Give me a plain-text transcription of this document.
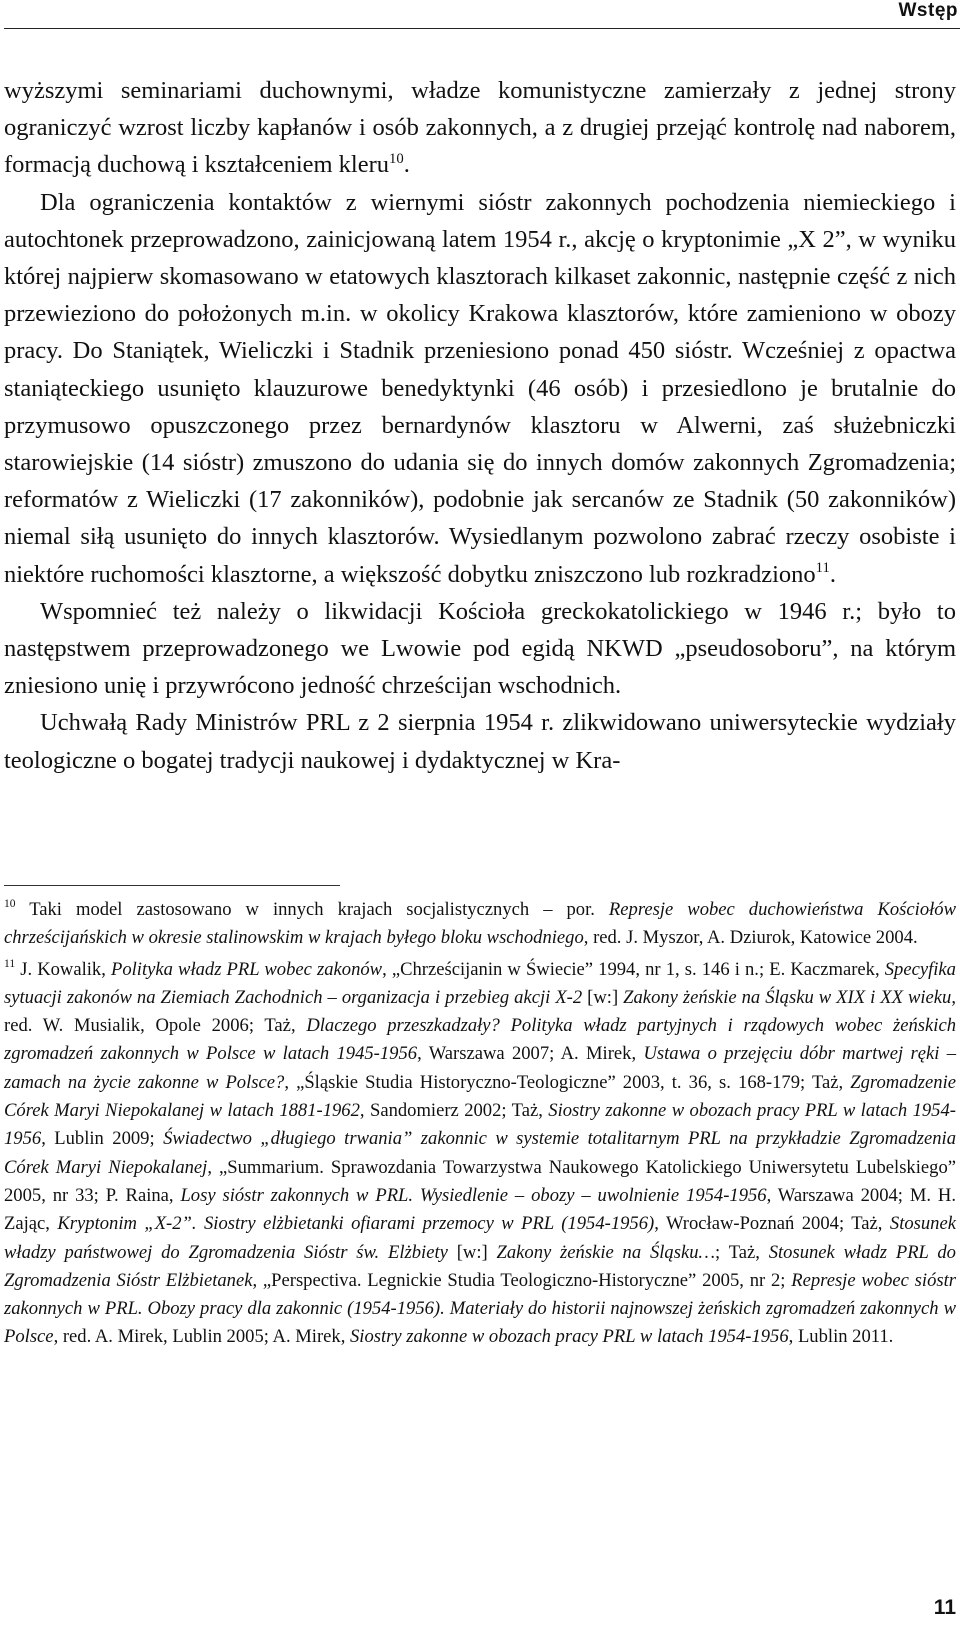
Wstęp

wyższymi seminariami duchownymi, władze komunistyczne zamierzały z jednej strony ograniczyć wzrost liczby kapłanów i osób zakonnych, a z drugiej przejąć kontrolę nad naborem, formacją duchową i kształceniem kleru$^{10}$.

Dla ograniczenia kontaktów z wiernymi sióstr zakonnych pochodzenia niemieckiego i autochtonek przeprowadzono, zainicjowaną latem 1954 r., akcję o kryptonimie „X 2”, w wyniku której najpierw skomasowano w etatowych klasztorach kilkaset zakonnic, następnie część z nich przewieziono do położonych m.in. w okolicy Krakowa klasztorów, które zamieniono w obozy pracy. Do Staniątek, Wieliczki i Stadnik przeniesiono ponad 450 sióstr. Wcześniej z opactwa staniąteckiego usunięto klauzurowe benedyktynki (46 osób) i przesiedlono je brutalnie do przymusowo opuszczonego przez bernardynów klasztoru w Alwerni, zaś służebniczki starowiejskie (14 sióstr) zmuszono do udania się do innych domów zakonnych Zgromadzenia; reformatów z Wieliczki (17 zakonników), podobnie jak sercanów ze Stadnik (50 zakonników) niemal siłą usunięto do innych klasztorów. Wysiedlanym pozwolono zabrać rzeczy osobiste i niektóre ruchomości klasztorne, a większość dobytku zniszczono lub rozkradziono$^{11}$.

Wspomnieć też należy o likwidacji Kościoła greckokatolickiego w 1946 r.; było to następstwem przeprowadzonego we Lwowie pod egidą NKWD „pseudosoboru”, na którym zniesiono unię i przywrócono jedność chrześcijan wschodnich.

Uchwałą Rady Ministrów PRL z 2 sierpnia 1954 r. zlikwidowano uniwersyteckie wydziały teologiczne o bogatej tradycji naukowej i dydaktycznej w Kra-

$^{10}$ Taki model zastosowano w innych krajach socjalistycznych – por. Represje wobec duchowieństwa Kościołów chrześcijańskich w okresie stalinowskim w krajach byłego bloku wschodniego, red. J. Myszor, A. Dziurok, Katowice 2004.

$^{11}$ J. Kowalik, Polityka władz PRL wobec zakonów, „Chrześcijanin w Świecie” 1994, nr 1, s. 146 i n.; E. Kaczmarek, Specyfika sytuacji zakonów na Ziemiach Zachodnich – organizacja i przebieg akcji X-2 [w:] Zakony żeńskie na Śląsku w XIX i XX wieku, red. W. Musialik, Opole 2006; Taż, Dlaczego przeszkadzały? Polityka władz partyjnych i rządowych wobec żeńskich zgromadzeń zakonnych w Polsce w latach 1945-1956, Warszawa 2007; A. Mirek, Ustawa o przejęciu dóbr martwej ręki – zamach na życie zakonne w Polsce?, „Śląskie Studia Historyczno-Teologiczne” 2003, t. 36, s. 168-179; Taż, Zgromadzenie Córek Maryi Niepokalanej w latach 1881-1962, Sandomierz 2002; Taż, Siostry zakonne w obozach pracy PRL w latach 1954-1956, Lublin 2009; Świadectwo „długiego trwania” zakonnic w systemie totalitarnym PRL na przykładzie Zgromadzenia Córek Maryi Niepokalanej, „Summarium. Sprawozdania Towarzystwa Naukowego Katolickiego Uniwersytetu Lubelskiego” 2005, nr 33; P. Raina, Losy sióstr zakonnych w PRL. Wysiedlenie – obozy – uwolnienie 1954-1956, Warszawa 2004; M. H. Zając, Kryptonim „X-2”. Siostry elżbietanki ofiarami przemocy w PRL (1954-1956), Wrocław-Poznań 2004; Taż, Stosunek władzy państwowej do Zgromadzenia Sióstr św. Elżbiety [w:] Zakony żeńskie na Śląsku…; Taż, Stosunek władz PRL do Zgromadzenia Sióstr Elżbietanek, „Perspectiva. Legnickie Studia Teologiczno-Historyczne” 2005, nr 2; Represje wobec sióstr zakonnych w PRL. Obozy pracy dla zakonnic (1954-1956). Materiały do historii najnowszej żeńskich zgromadzeń zakonnych w Polsce, red. A. Mirek, Lublin 2005; A. Mirek, Siostry zakonne w obozach pracy PRL w latach 1954-1956, Lublin 2011.

11
